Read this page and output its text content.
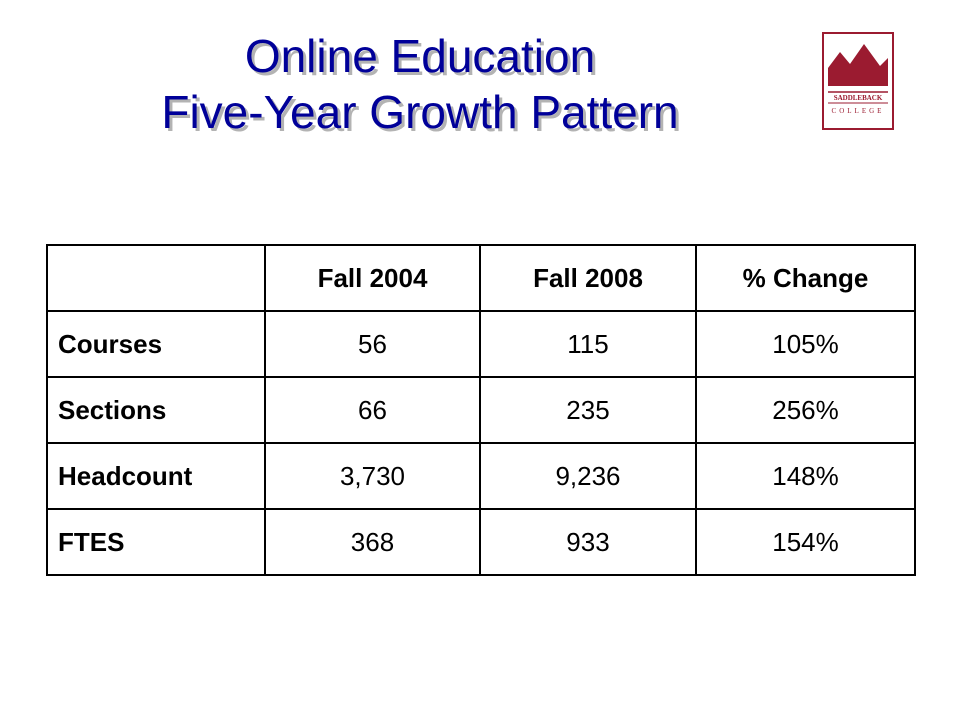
Online Education
Five-Year Growth Pattern	SADDLEBACK
COLLEGE
	Fall 2004	Fall 2008	% Change
Courses	56	115	105%
Sections	66	235	256%
Headcount	3,730	9,236	148%
FTES	368	933	154%
